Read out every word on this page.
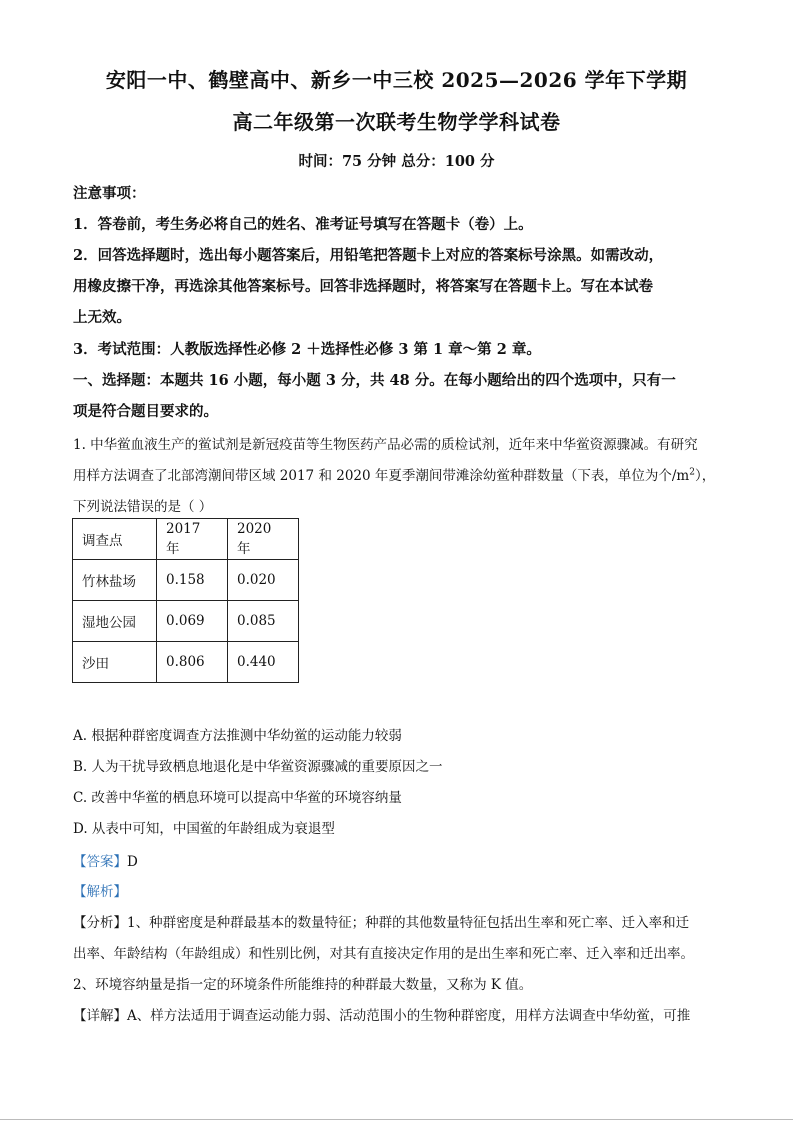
安阳一中、鹤壁高中、新乡一中三校 2025—2026 学年下学期
高二年级第一次联考生物学学科试卷
时间：75 分钟 总分：100 分
注意事项：
1．答卷前，考生务必将自己的姓名、准考证号填写在答题卡（卷）上。
2．回答选择题时，选出每小题答案后，用铅笔把答题卡上对应的答案标号涂黑。如需改动，
用橡皮擦干净，再选涂其他答案标号。回答非选择题时，将答案写在答题卡上。写在本试卷
上无效。
3．考试范围：人教版选择性必修 2 ＋选择性必修 3 第 1 章～第 2 章。
一、选择题：本题共 16 小题，每小题 3 分，共 48 分。在每小题给出的四个选项中，只有一
项是符合题目要求的。
1. 中华鲎血液生产的鲎试剂是新冠疫苗等生物医药产品必需的质检试剂，近年来中华鲎资源骤减。有研究
用样方法调查了北部湾潮间带区域 2017 和 2020 年夏季潮间带滩涂幼鲎种群数量（下表，单位为个$/m^2$），
下列说法错误的是（ ）
调查点	2017 年	2020 年
竹林盐场	0.158	0.020
湿地公园	0.069	0.085
沙田	0.806	0.440
A. 根据种群密度调查方法推测中华幼鲎的运动能力较弱
B. 人为干扰导致栖息地退化是中华鲎资源骤减的重要原因之一
C. 改善中华鲎的栖息环境可以提高中华鲎的环境容纳量
D. 从表中可知，中国鲎的年龄组成为衰退型
【答案】D
【解析】
【分析】1、种群密度是种群最基本的数量特征；种群的其他数量特征包括出生率和死亡率、迁入率和迁
出率、年龄结构（年龄组成）和性别比例，对其有直接决定作用的是出生率和死亡率、迁入率和迁出率。
2、环境容纳量是指一定的环境条件所能维持的种群最大数量，又称为 K 值。
【详解】A、样方法适用于调查运动能力弱、活动范围小的生物种群密度，用样方法调查中华幼鲎，可推
